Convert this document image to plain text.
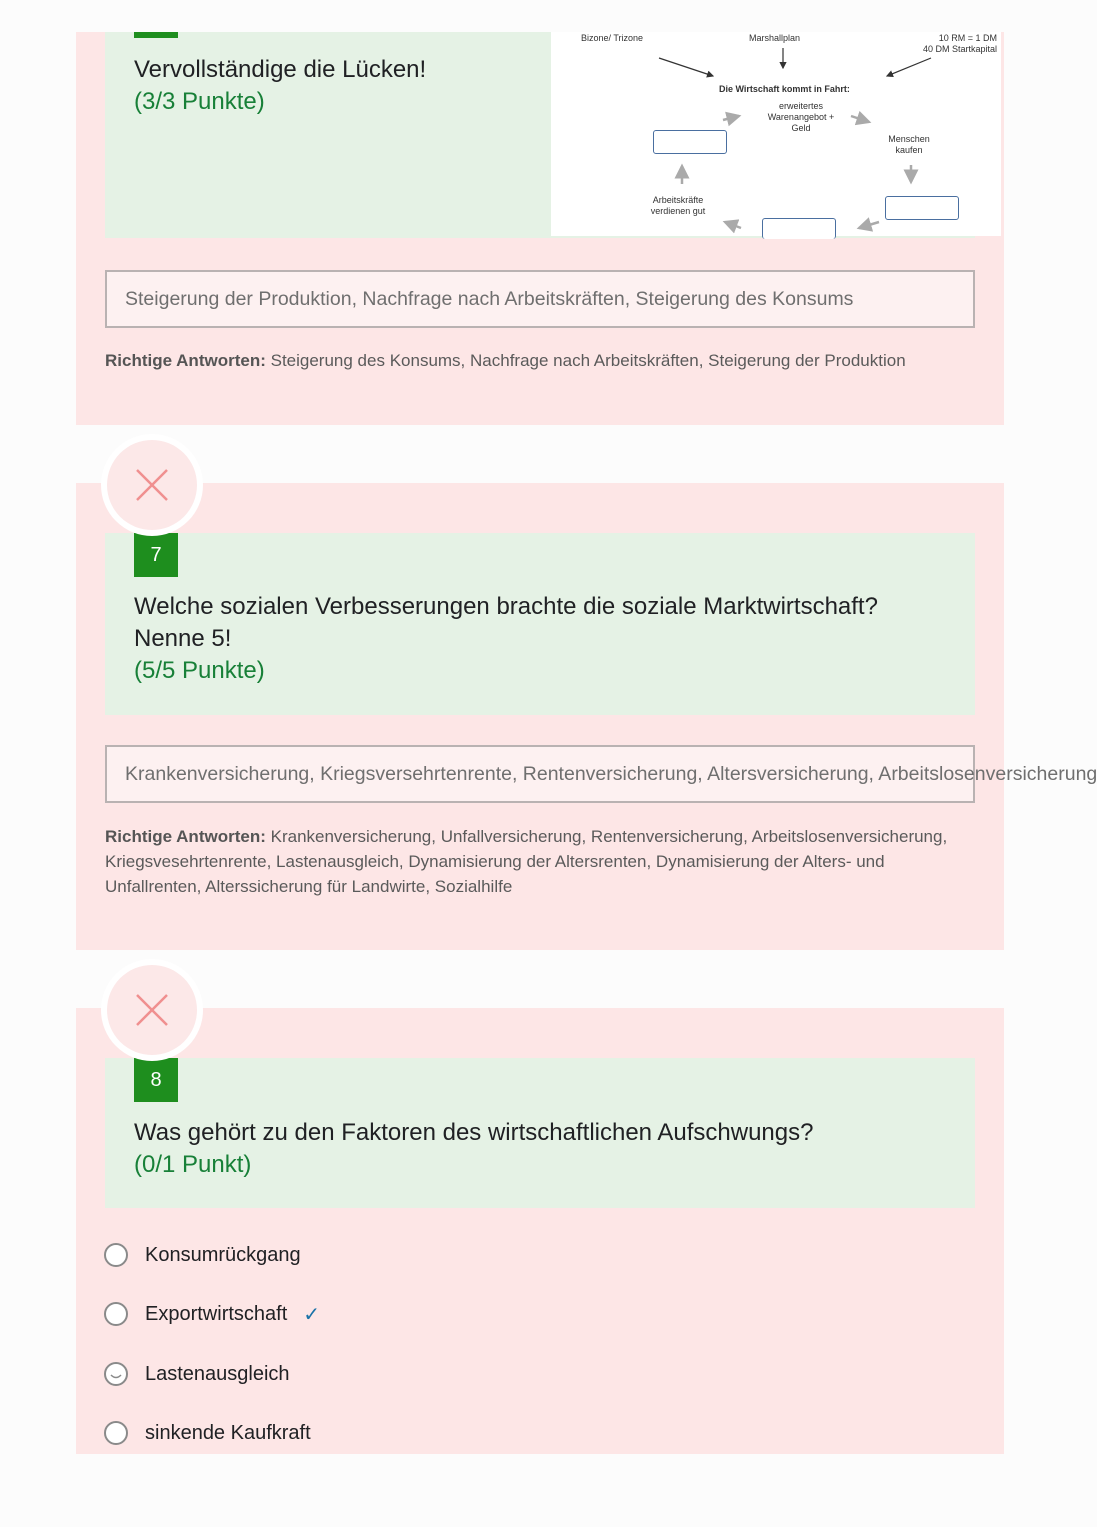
Vervollständige die Lücken!
(3/3 Punkte)
Bizone/ Trizone	Marshallplan	10 RM = 1 DM
40 DM Startkapital
Die Wirtschaft kommt in Fahrt:
erweitertes
Warenangebot +
Geld
Menschen
kaufen
Arbeitskräfte
verdienen gut
Steigerung der Produktion, Nachfrage nach Arbeitskräften, Steigerung des Konsums
Richtige Antworten: Steigerung des Konsums, Nachfrage nach Arbeitskräften, Steigerung der Produktion
7
Welche sozialen Verbesserungen brachte die soziale Marktwirtschaft?
Nenne 5!
(5/5 Punkte)
Krankenversicherung, Kriegsversehrtenrente, Rentenversicherung, Altersversicherung, Arbeitslosenversicherung
Richtige Antworten: Krankenversicherung, Unfallversicherung, Rentenversicherung, Arbeitslosenversicherung, Kriegsvesehrtenrente, Lastenausgleich, Dynamisierung der Altersrenten, Dynamisierung der Alters- und Unfallrenten, Alterssicherung für Landwirte, Sozialhilfe
8
Was gehört zu den Faktoren des wirtschaftlichen Aufschwungs?
(0/1 Punkt)
Konsumrückgang
Exportwirtschaft ✓
Lastenausgleich
sinkende Kaufkraft
